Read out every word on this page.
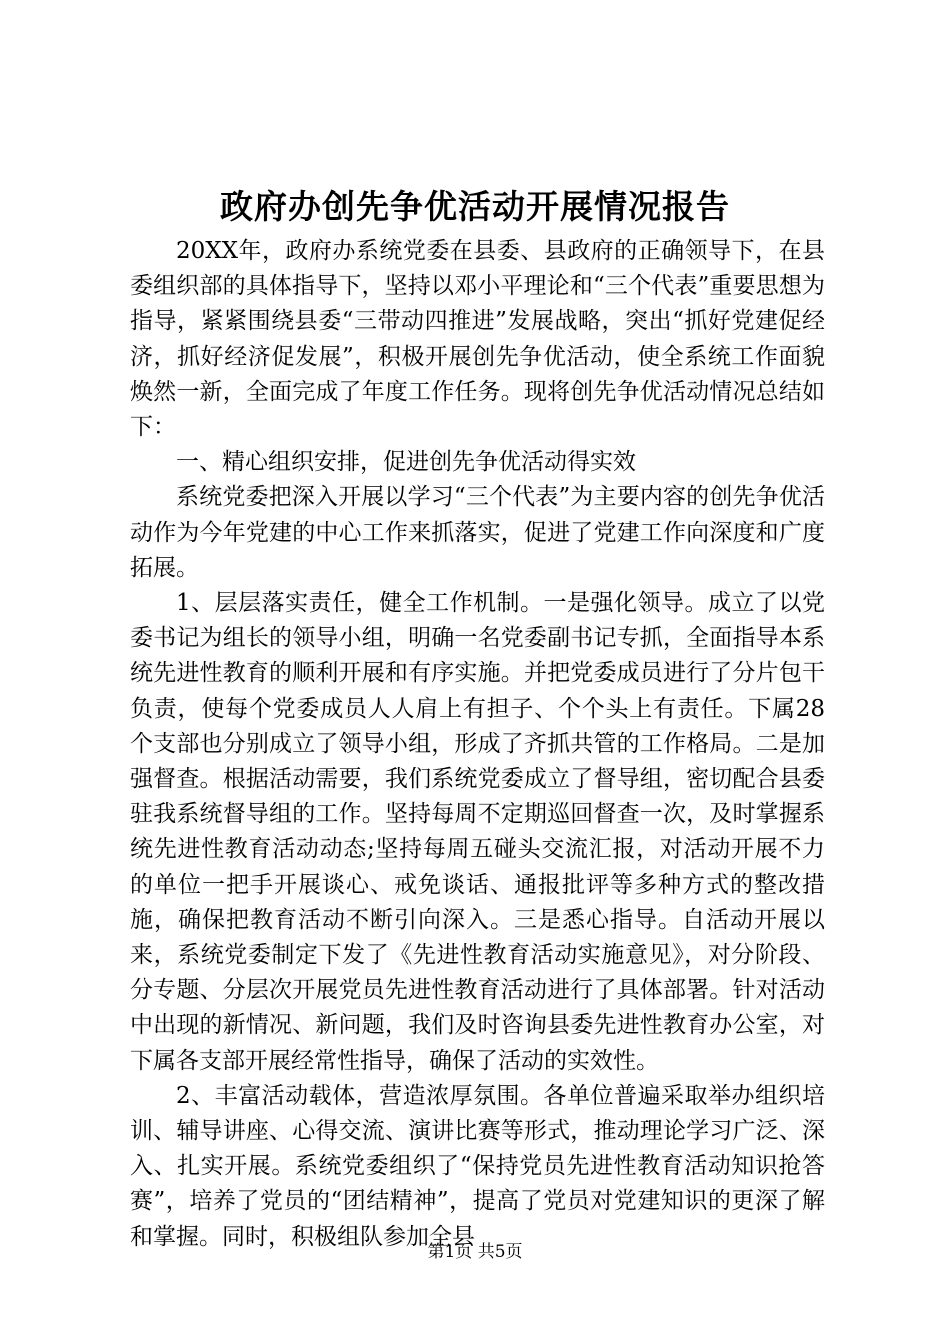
政府办创先争优活动开展情况报告

20XX年，政府办系统党委在县委、县政府的正确领导下，在县委组织部的具体指导下，坚持以邓小平理论和“三个代表”重要思想为指导，紧紧围绕县委“三带动四推进”发展战略，突出“抓好党建促经济，抓好经济促发展”，积极开展创先争优活动，使全系统工作面貌焕然一新，全面完成了年度工作任务。现将创先争优活动情况总结如下：

一、精心组织安排，促进创先争优活动得实效

系统党委把深入开展以学习“三个代表”为主要内容的创先争优活动作为今年党建的中心工作来抓落实，促进了党建工作向深度和广度拓展。

1、层层落实责任，健全工作机制。一是强化领导。成立了以党委书记为组长的领导小组，明确一名党委副书记专抓，全面指导本系统先进性教育的顺利开展和有序实施。并把党委成员进行了分片包干负责，使每个党委成员人人肩上有担子、个个头上有责任。下属28个支部也分别成立了领导小组，形成了齐抓共管的工作格局。二是加强督查。根据活动需要，我们系统党委成立了督导组，密切配合县委驻我系统督导组的工作。坚持每周不定期巡回督查一次，及时掌握系统先进性教育活动动态;坚持每周五碰头交流汇报，对活动开展不力的单位一把手开展谈心、戒免谈话、通报批评等多种方式的整改措施，确保把教育活动不断引向深入。三是悉心指导。自活动开展以来，系统党委制定下发了《先进性教育活动实施意见》，对分阶段、分专题、分层次开展党员先进性教育活动进行了具体部署。针对活动中出现的新情况、新问题，我们及时咨询县委先进性教育办公室，对下属各支部开展经常性指导，确保了活动的实效性。

2、丰富活动载体，营造浓厚氛围。各单位普遍采取举办组织培训、辅导讲座、心得交流、演讲比赛等形式，推动理论学习广泛、深入、扎实开展。系统党委组织了“保持党员先进性教育活动知识抢答赛”，培养了党员的“团结精神”，提高了党员对党建知识的更深了解和掌握。同时，积极组队参加全县

第1页 共5页
